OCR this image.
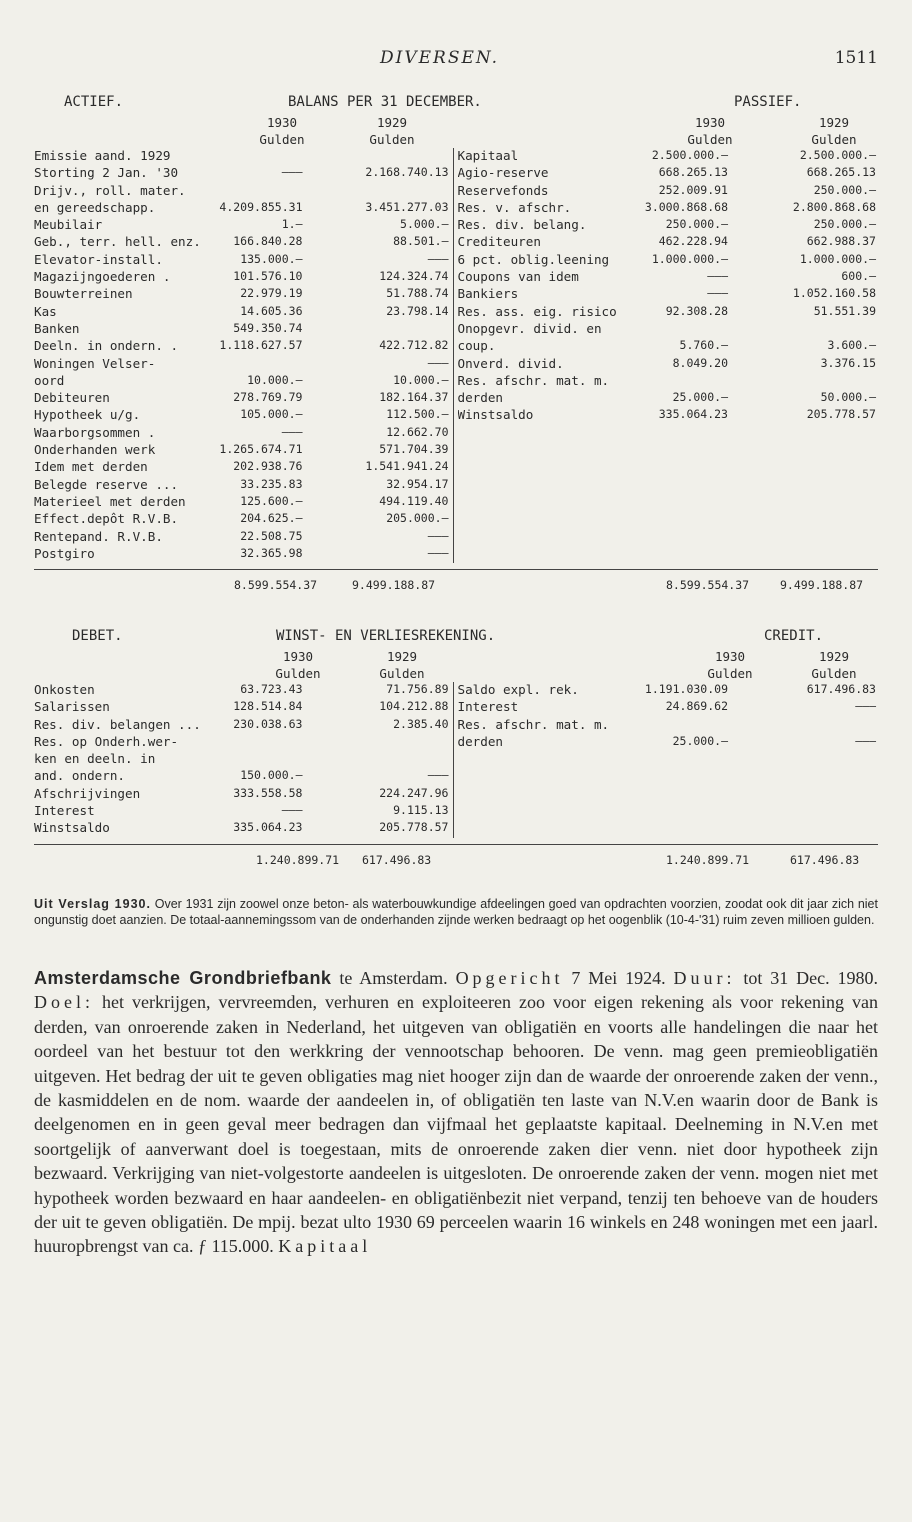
DIVERSEN.	1511
ACTIEF.	BALANS PER 31 DECEMBER.	PASSIEF.
1930
Gulden
1929
Gulden
1930
Gulden
1929
Gulden
Emissie aand. 1929
Storting 2 Jan. '30	———	2.168.740.13
Drijv., roll. mater.
en gereedschapp.	4.209.855.31	3.451.277.03
Meubilair	1.—	5.000.—
Geb., terr. hell. enz.	166.840.28	88.501.—
Elevator-install.	135.000.—	———
Magazijngoederen .	101.576.10	124.324.74
Bouwterreinen	22.979.19	51.788.74
Kas	14.605.36	23.798.14
Banken	549.350.74
Deeln. in ondern. .	1.118.627.57	422.712.82
Woningen Velser-	———
oord	10.000.—	10.000.—
Debiteuren	278.769.79	182.164.37
Hypotheek u/g.	105.000.—	112.500.—
Waarborgsommen .	———	12.662.70
Onderhanden werk	1.265.674.71	571.704.39
Idem met derden	202.938.76	1.541.941.24
Belegde reserve ...	33.235.83	32.954.17
Materieel met derden	125.600.—	494.119.40
Effect.depôt R.V.B.	204.625.—	205.000.—
Rentepand. R.V.B.	22.508.75	———
Postgiro	32.365.98	———
Kapitaal	2.500.000.—	2.500.000.—
Agio-reserve	668.265.13	668.265.13
Reservefonds	252.009.91	250.000.—
Res. v. afschr.	3.000.868.68	2.800.868.68
Res. div. belang.	250.000.—	250.000.—
Crediteuren	462.228.94	662.988.37
6 pct. oblig.leening	1.000.000.—	1.000.000.—
Coupons van idem	———	600.—
Bankiers	———	1.052.160.58
Res. ass. eig. risico	92.308.28	51.551.39
Onopgevr. divid. en
coup.	5.760.—	3.600.—
Onverd. divid.	8.049.20	3.376.15
Res. afschr. mat. m.
derden	25.000.—	50.000.—
Winstsaldo	335.064.23	205.778.57
8.599.554.37	9.499.188.87	8.599.554.37	9.499.188.87
DEBET.	WINST- EN VERLIESREKENING.	CREDIT.
1930
Gulden
1929
Gulden
1930
Gulden
1929
Gulden
Onkosten	63.723.43	71.756.89
Salarissen	128.514.84	104.212.88
Res. div. belangen ...	230.038.63	2.385.40
Res. op Onderh.wer-
ken en deeln. in
and. ondern.	150.000.—	———
Afschrijvingen	333.558.58	224.247.96
Interest	———	9.115.13
Winstsaldo	335.064.23	205.778.57
Saldo expl. rek.	1.191.030.09	617.496.83
Interest	24.869.62	———
Res. afschr. mat. m.
derden	25.000.—	———
1.240.899.71 617.496.83	1.240.899.71	617.496.83
Uit Verslag 1930. Over 1931 zijn zoowel onze beton- als waterbouwkundige afdeelingen goed van opdrachten voorzien, zoodat ook dit jaar zich niet ongunstig doet aanzien. De totaal-aannemingssom van de onderhanden zijnde werken bedraagt op het oogenblik (10-4-'31) ruim zeven millioen gulden.
Amsterdamsche Grondbriefbank te Amsterdam. Opgericht 7 Mei 1924. Duur: tot 31 Dec. 1980. Doel: het verkrijgen, vervreemden, verhuren en exploiteeren zoo voor eigen rekening als voor rekening van derden, van onroerende zaken in Nederland, het uitgeven van obligatiën en voorts alle handelingen die naar het oordeel van het bestuur tot den werkkring der vennootschap behooren. De venn. mag geen premieobligatiën uitgeven. Het bedrag der uit te geven obligaties mag niet hooger zijn dan de waarde der onroerende zaken der venn., de kasmiddelen en de nom. waarde der aandeelen in, of obligatiën ten laste van N.V.en waarin door de Bank is deelgenomen en in geen geval meer bedragen dan vijfmaal het geplaatste kapitaal. Deelneming in N.V.en met soortgelijk of aanverwant doel is toegestaan, mits de onroerende zaken dier venn. niet door hypotheek zijn bezwaard. Verkrijging van niet-volgestorte aandeelen is uitgesloten. De onroerende zaken der venn. mogen niet met hypotheek worden bezwaard en haar aandeelen- en obligatiënbezit niet verpand, tenzij ten behoeve van de houders der uit te geven obligatiën. De mpij. bezat ulto 1930 69 perceelen waarin 16 winkels en 248 woningen met een jaarl. huuropbrengst van ca. ƒ 115.000. Kapitaal
